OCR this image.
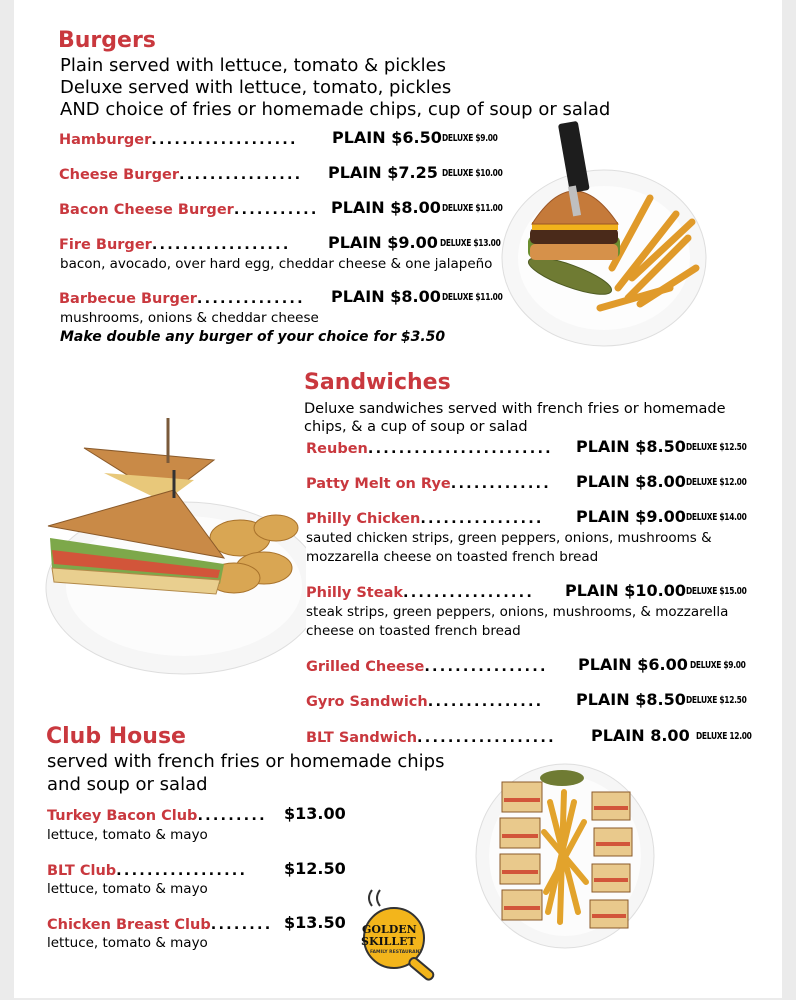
Burgers
Plain served with lettuce, tomato & pickles
Deluxe served with lettuce, tomato, pickles
AND choice of fries or homemade chips, cup of soup or salad
Hamburger................... PLAIN $6.50 DELUXE $9.00
Cheese Burger................ PLAIN $7.25 DELUXE $10.00
Bacon Cheese Burger........... PLAIN $8.00 DELUXE $11.00
Fire Burger.................. PLAIN $9.00 DELUXE $13.00
bacon, avocado, over hard egg, cheddar cheese & one jalapeño
Barbecue Burger.............. PLAIN $8.00 DELUXE $11.00
mushrooms, onions & cheddar cheese
Make double any burger of your choice for $3.50
Sandwiches
Deluxe sandwiches served with french fries or homemade
chips, & a cup of soup or salad
Reuben........................ PLAIN $8.50 DELUXE $12.50
Patty Melt on Rye............. PLAIN $8.00 DELUXE $12.00
Philly Chicken................ PLAIN $9.00 DELUXE $14.00
sauted chicken strips, green peppers, onions, mushrooms &
mozzarella cheese on toasted french bread
Philly Steak................. PLAIN $10.00 DELUXE $15.00
steak strips, green peppers, onions, mushrooms, & mozzarella
cheese on toasted french bread
Grilled Cheese................ PLAIN $6.00 DELUXE $9.00
Gyro Sandwich............... PLAIN $8.50 DELUXE $12.50
BLT Sandwich.................. PLAIN 8.00 DELUXE 12.00
Club House
served with french fries or homemade chips
and soup or salad
Turkey Bacon Club......... $13.00
lettuce, tomato & mayo
BLT Club................. $12.50
lettuce, tomato & mayo
Chicken Breast Club........ $13.50
lettuce, tomato & mayo
GOLDEN
SKILLET
FAMILY RESTAURANT
